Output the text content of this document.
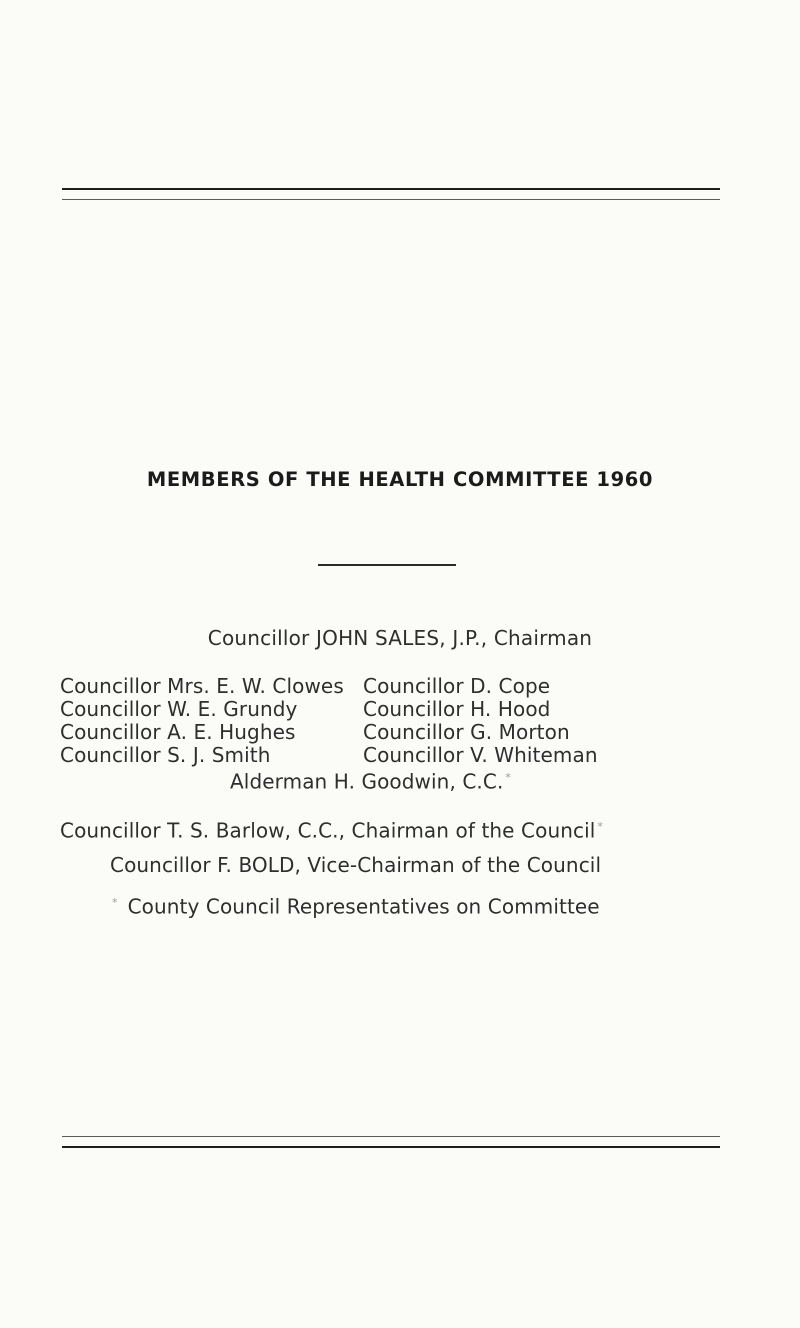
MEMBERS OF THE HEALTH COMMITTEE 1960
Councillor JOHN SALES, J.P., Chairman
Councillor Mrs. E. W. Clowes Councillor D. Cope
Councillor W. E. Grundy	Councillor H. Hood
Councillor A. E. Hughes	Councillor G. Morton
Councillor S. J. Smith	Councillor V. Whiteman
Alderman H. Goodwin, C.C. *
Councillor T. S. Barlow, C.C., Chairman of the Council *
Councillor F. BOLD, Vice-Chairman of the Council
* County Council Representatives on Committee
